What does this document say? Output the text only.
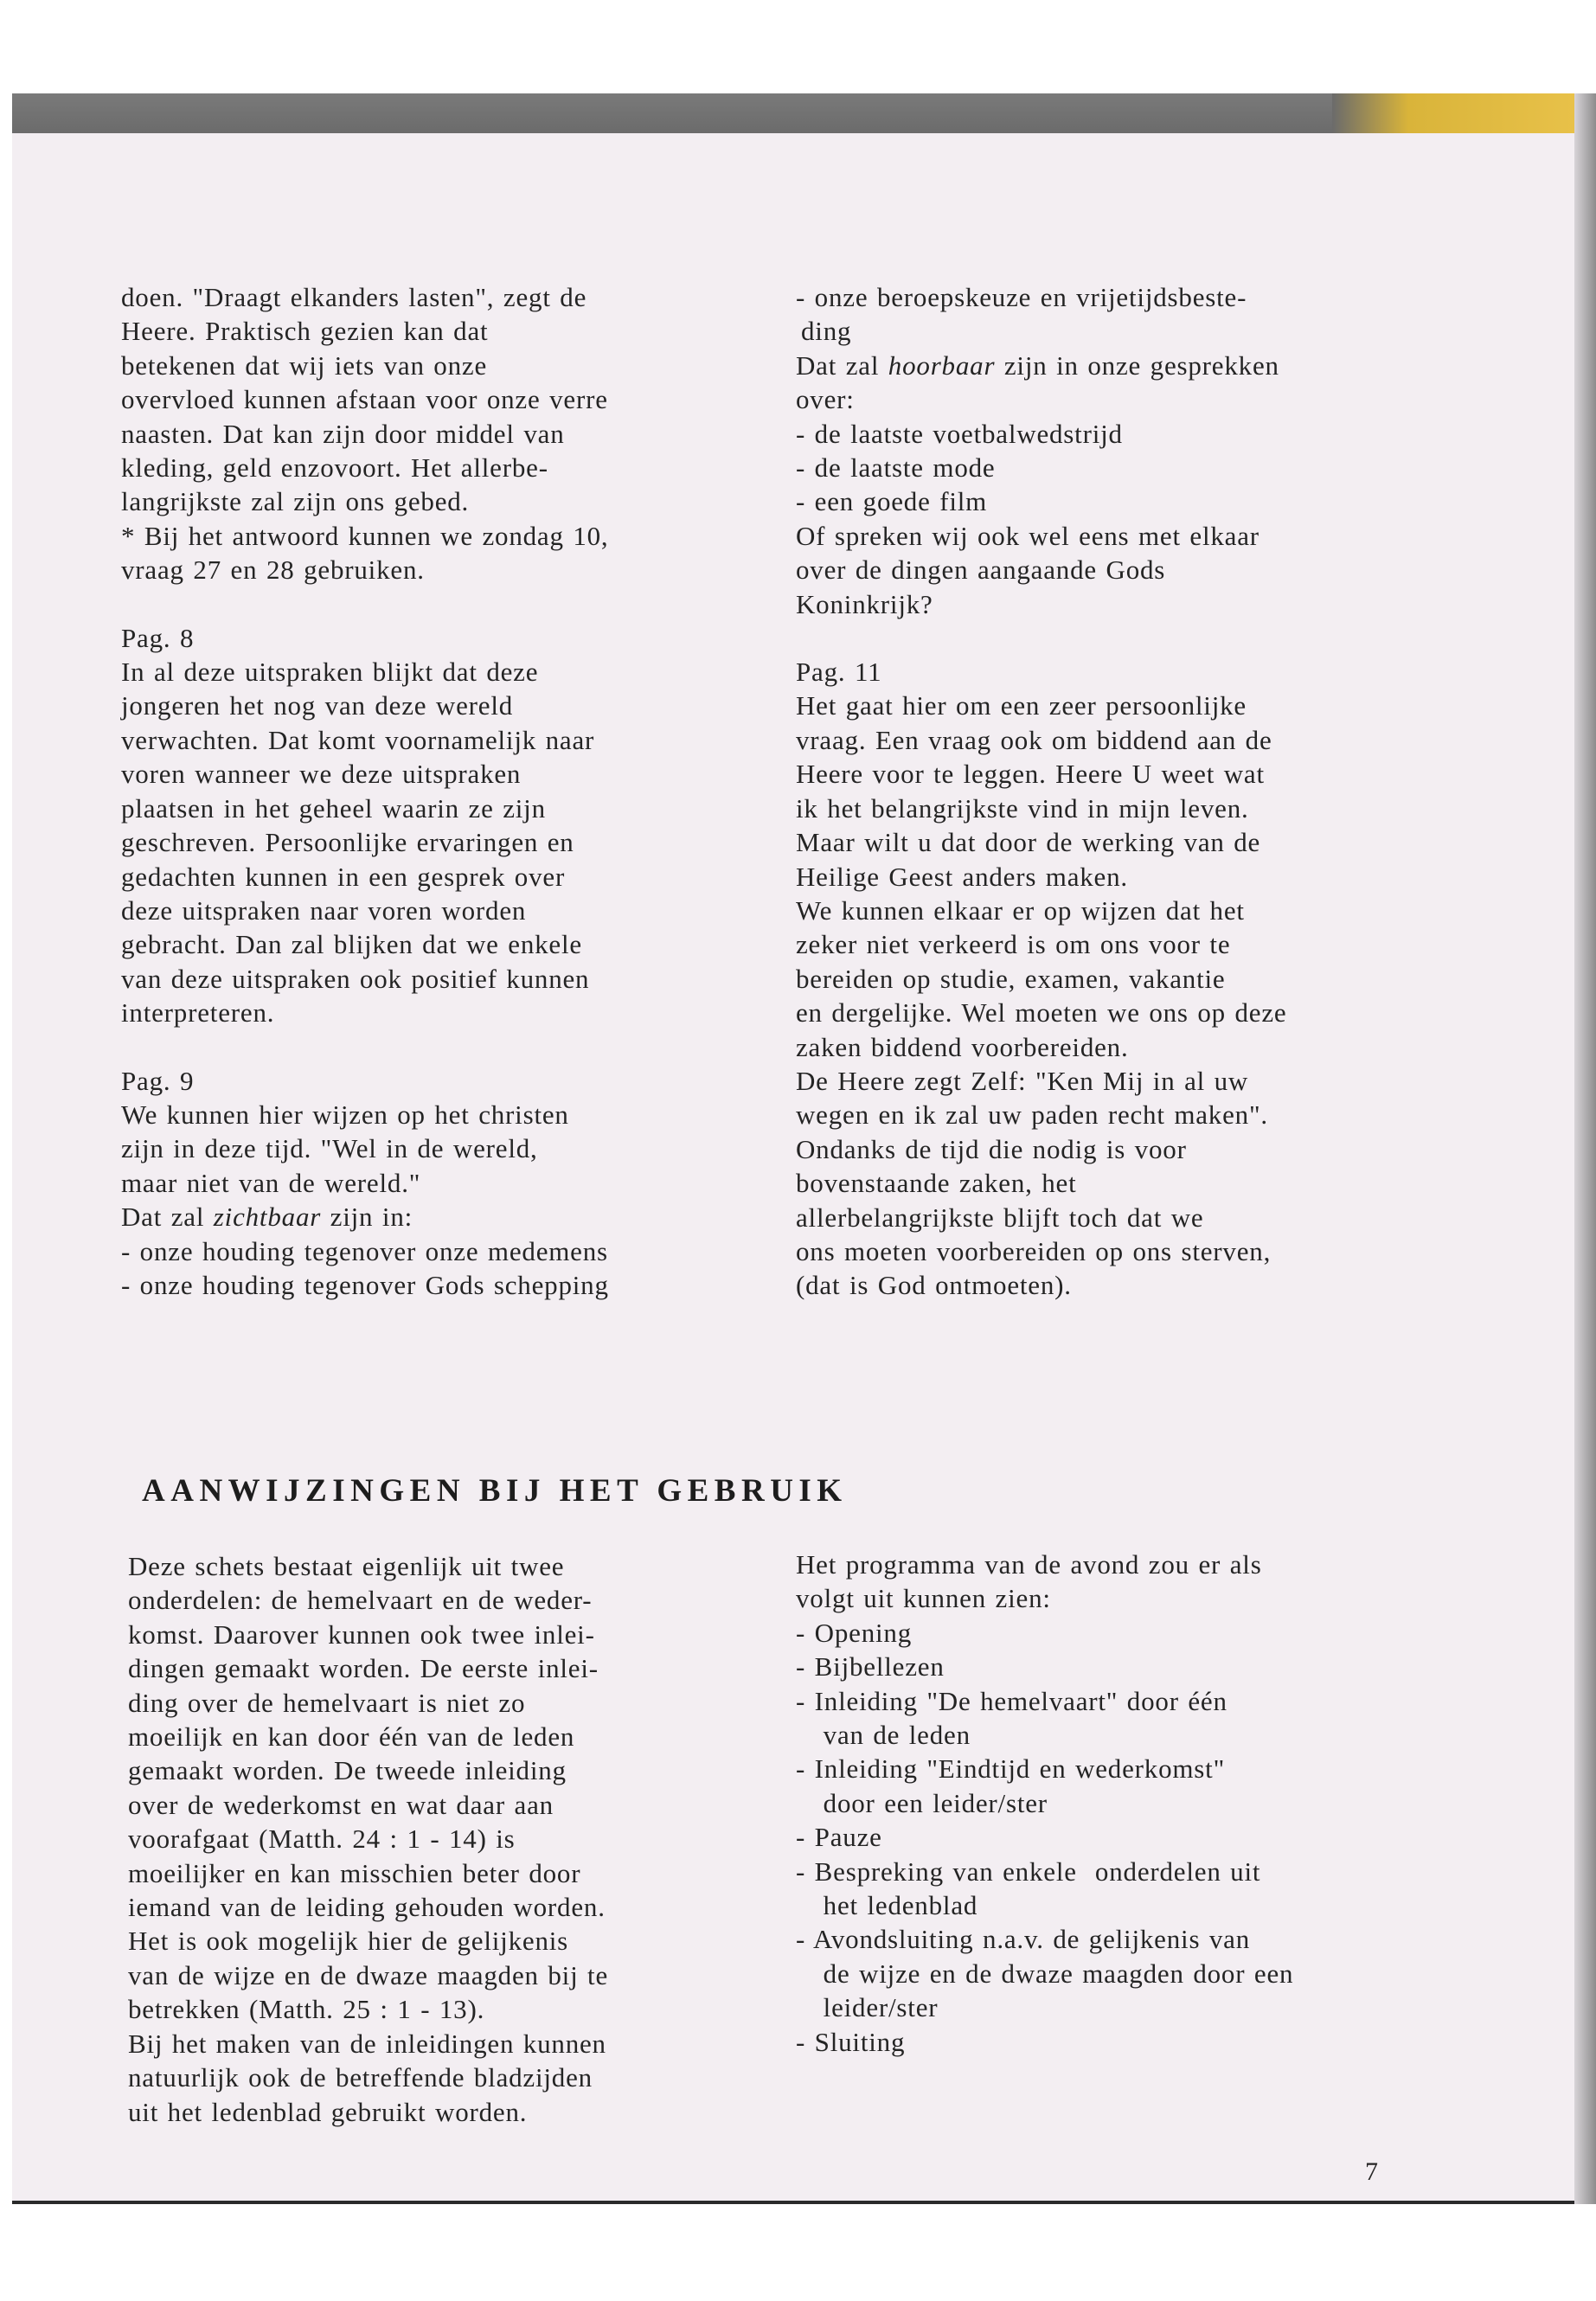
doen. "Draagt elkanders lasten", zegt de

Heere. Praktisch gezien kan dat

betekenen dat wij iets van onze

overvloed kunnen afstaan voor onze verre

naasten. Dat kan zijn door middel van

kleding, geld enzovoort. Het allerbe-

langrijkste zal zijn ons gebed.

* Bij het antwoord kunnen we zondag 10,

vraag 27 en 28 gebruiken.

Pag. 8

In al deze uitspraken blijkt dat deze

jongeren het nog van deze wereld

verwachten. Dat komt voornamelijk naar

voren wanneer we deze uitspraken

plaatsen in het geheel waarin ze zijn

geschreven. Persoonlijke ervaringen en

gedachten kunnen in een gesprek over

deze uitspraken naar voren worden

gebracht. Dan zal blijken dat we enkele

van deze uitspraken ook positief kunnen

interpreteren.

Pag. 9

We kunnen hier wijzen op het christen

zijn in deze tijd. "Wel in de wereld,

maar niet van de wereld."

Dat zal zichtbaar zijn in:

- onze houding tegenover onze medemens

- onze houding tegenover Gods schepping

- onze beroepskeuze en vrijetijdsbeste-

ding

Dat zal hoorbaar zijn in onze gesprekken

over:

- de laatste voetbalwedstrijd

- de laatste mode

- een goede film

Of spreken wij ook wel eens met elkaar

over de dingen aangaande Gods

Koninkrijk?

Pag. 11

Het gaat hier om een zeer persoonlijke

vraag. Een vraag ook om biddend aan de

Heere voor te leggen. Heere U weet wat

ik het belangrijkste vind in mijn leven.

Maar wilt u dat door de werking van de

Heilige Geest anders maken.

We kunnen elkaar er op wijzen dat het

zeker niet verkeerd is om ons voor te

bereiden op studie, examen, vakantie

en dergelijke. Wel moeten we ons op deze

zaken biddend voorbereiden.

De Heere zegt Zelf: "Ken Mij in al uw

wegen en ik zal uw paden recht maken".

Ondanks de tijd die nodig is voor

bovenstaande zaken, het

allerbelangrijkste blijft toch dat we

ons moeten voorbereiden op ons sterven,

(dat is God ontmoeten).

AANWIJZINGEN BIJ HET GEBRUIK

Deze schets bestaat eigenlijk uit twee

onderdelen: de hemelvaart en de weder-

komst. Daarover kunnen ook twee inlei-

dingen gemaakt worden. De eerste inlei-

ding over de hemelvaart is niet zo

moeilijk en kan door één van de leden

gemaakt worden. De tweede inleiding

over de wederkomst en wat daar aan

voorafgaat (Matth. 24 : 1 - 14) is

moeilijker en kan misschien beter door

iemand van de leiding gehouden worden.

Het is ook mogelijk hier de gelijkenis

van de wijze en de dwaze maagden bij te

betrekken (Matth. 25 : 1 - 13).

Bij het maken van de inleidingen kunnen

natuurlijk ook de betreffende bladzijden

uit het ledenblad gebruikt worden.

Het programma van de avond zou er als

volgt uit kunnen zien:

- Opening

- Bijbellezen

- Inleiding "De hemelvaart" door één

van de leden

- Inleiding "Eindtijd en wederkomst"

door een leider/ster

- Pauze

- Bespreking van enkele  onderdelen uit

het ledenblad

- Avondsluiting n.a.v. de gelijkenis van

de wijze en de dwaze maagden door een

leider/ster

- Sluiting

7
